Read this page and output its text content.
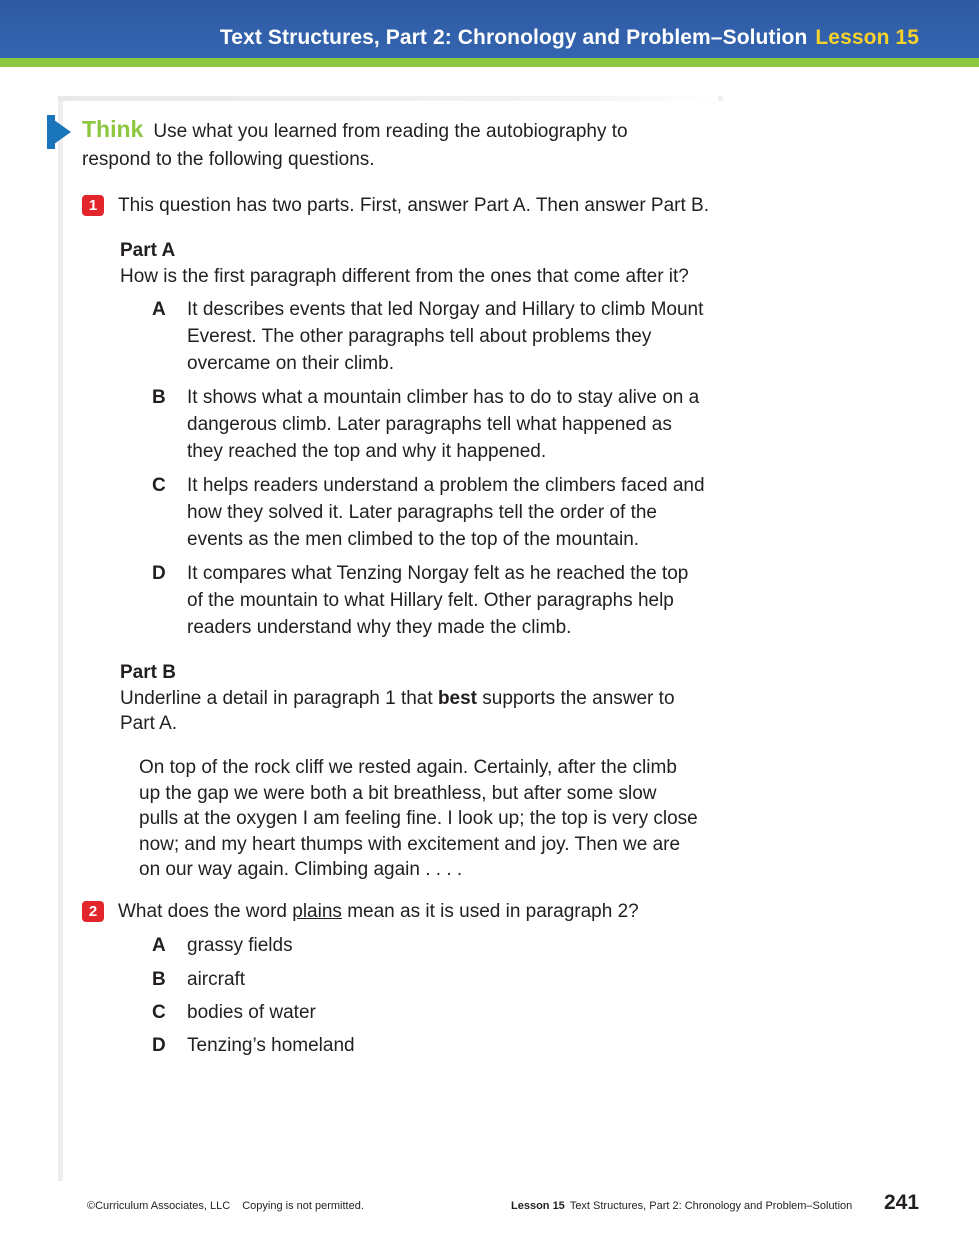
Text Structures, Part 2: Chronology and Problem–Solution Lesson 15
Think Use what you learned from reading the autobiography to
respond to the following questions.
1	This question has two parts. First, answer Part A. Then answer Part B.
Part A
How is the first paragraph different from the ones that come after it?
A It describes events that led Norgay and Hillary to climb Mount
Everest. The other paragraphs tell about problems they
overcame on their climb.
B It shows what a mountain climber has to do to stay alive on a
dangerous climb. Later paragraphs tell what happened as
they reached the top and why it happened.
C It helps readers understand a problem the climbers faced and
how they solved it. Later paragraphs tell the order of the
events as the men climbed to the top of the mountain.
D It compares what Tenzing Norgay felt as he reached the top
of the mountain to what Hillary felt. Other paragraphs help
readers understand why they made the climb.
Part B
Underline a detail in paragraph 1 that best supports the answer to
Part A.
On top of the rock cliff we rested again. Certainly, after the climb
up the gap we were both a bit breathless, but after some slow
pulls at the oxygen I am feeling fine. I look up; the top is very close
now; and my heart thumps with excitement and joy. Then we are
on our way again. Climbing again . . . .
2	What does the word plains mean as it is used in paragraph 2?
A grassy fields
B aircraft
C bodies of water
D Tenzing’s homeland
©Curriculum Associates, LLC Copying is not permitted.	Lesson 15 Text Structures, Part 2: Chronology and Problem–Solution 241
